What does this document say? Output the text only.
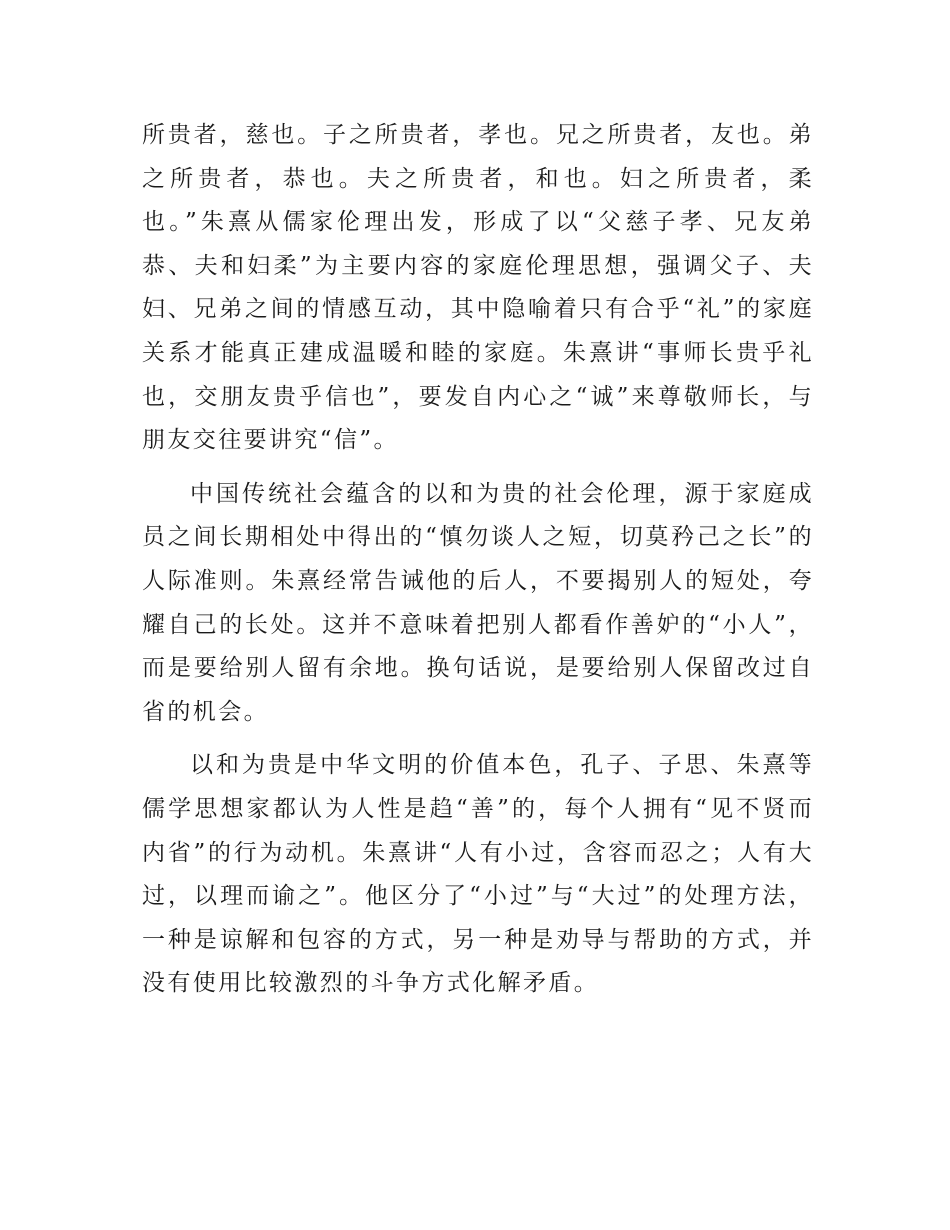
所贵者，慈也。子之所贵者，孝也。兄之所贵者，友也。弟之所贵者，恭也。夫之所贵者，和也。妇之所贵者，柔也。”朱熹从儒家伦理出发，形成了以“父慈子孝、兄友弟恭、夫和妇柔”为主要内容的家庭伦理思想，强调父子、夫妇、兄弟之间的情感互动，其中隐喻着只有合乎“礼”的家庭关系才能真正建成温暖和睦的家庭。朱熹讲“事师长贵乎礼也，交朋友贵乎信也”，要发自内心之“诚”来尊敬师长，与朋友交往要讲究“信”。

中国传统社会蕴含的以和为贵的社会伦理，源于家庭成员之间长期相处中得出的“慎勿谈人之短，切莫矜己之长”的人际准则。朱熹经常告诫他的后人，不要揭别人的短处，夸耀自己的长处。这并不意味着把别人都看作善妒的“小人”，而是要给别人留有余地。换句话说，是要给别人保留改过自省的机会。

以和为贵是中华文明的价值本色，孔子、子思、朱熹等儒学思想家都认为人性是趋“善”的，每个人拥有“见不贤而内省”的行为动机。朱熹讲“人有小过，含容而忍之；人有大过，以理而谕之”。他区分了“小过”与“大过”的处理方法，一种是谅解和包容的方式，另一种是劝导与帮助的方式，并没有使用比较激烈的斗争方式化解矛盾。
